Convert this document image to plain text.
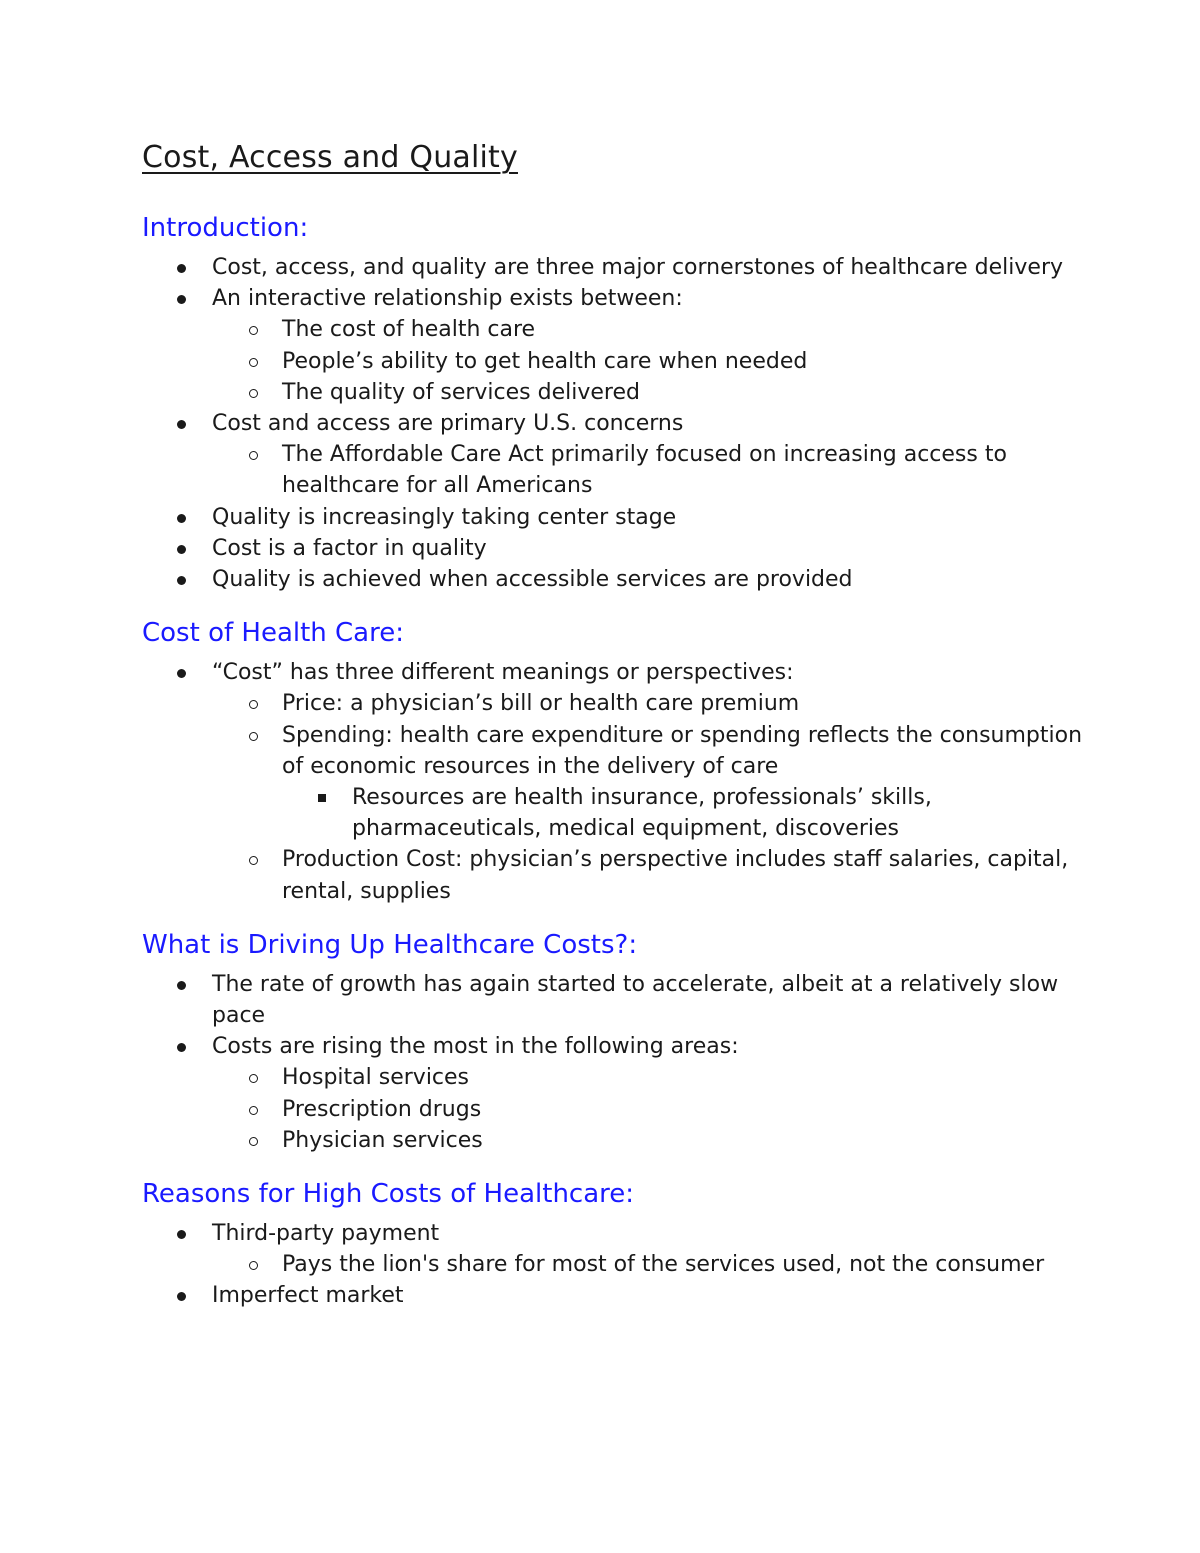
Cost, Access and Quality
Introduction:
Cost, access, and quality are three major cornerstones of healthcare delivery
An interactive relationship exists between:
The cost of health care
People’s ability to get health care when needed
The quality of services delivered
Cost and access are primary U.S. concerns
The Affordable Care Act primarily focused on increasing access to healthcare for all Americans
Quality is increasingly taking center stage
Cost is a factor in quality
Quality is achieved when accessible services are provided
Cost of Health Care:
“Cost” has three different meanings or perspectives:
Price: a physician’s bill or health care premium
Spending: health care expenditure or spending reflects the consumption of economic resources in the delivery of care
Resources are health insurance, professionals’ skills, pharmaceuticals, medical equipment, discoveries
Production Cost: physician’s perspective includes staff salaries, capital, rental, supplies
What is Driving Up Healthcare Costs?:
The rate of growth has again started to accelerate, albeit at a relatively slow pace
Costs are rising the most in the following areas:
Hospital services
Prescription drugs
Physician services
Reasons for High Costs of Healthcare:
Third-party payment
Pays the lion's share for most of the services used, not the consumer
Imperfect market
